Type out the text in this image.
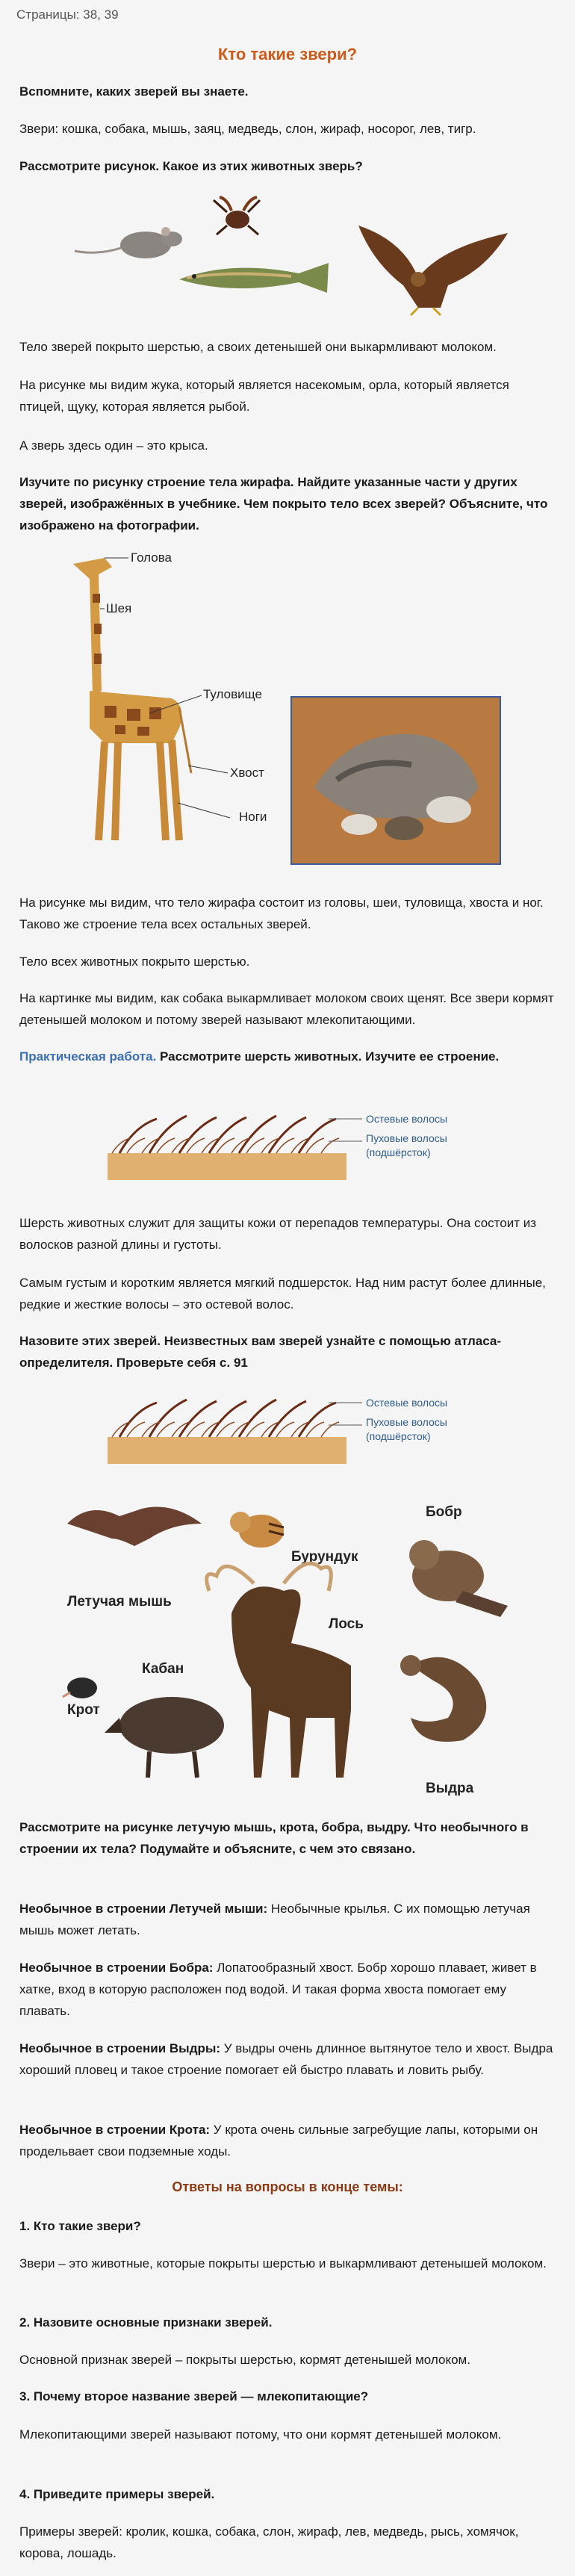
Страницы: 38, 39
Кто такие звери?
Вспомните, каких зверей вы знаете.
Звери: кошка, собака, мышь, заяц, медведь, слон, жираф, носорог, лев, тигр.
Рассмотрите рисунок. Какое из этих животных зверь?
Тело зверей покрыто шерстью, а своих детенышей они выкармливают молоком.
На рисунке мы видим жука, который является насекомым, орла, который является птицей, щуку, которая является рыбой.
А зверь здесь один – это крыса.
Изучите по рисунку строение тела жирафа. Найдите указанные части у других зверей, изображённых в учебнике. Чем покрыто тело всех зверей? Объясните, что изображено на фотографии.
Голова
Шея
Туловище
Хвост
Ноги
На рисунке мы видим, что тело жирафа состоит из головы, шеи, туловища, хвоста и ног. Таково же строение тела всех остальных зверей.
Тело всех животных покрыто шерстью.
На картинке мы видим, как собака выкармливает молоком своих щенят. Все звери кормят детенышей молоком и потому зверей называют млекопитающими.
Практическая работа. Рассмотрите шерсть животных. Изучите ее строение.
Остевые волосы
Пуховые волосы
(подшёрсток)
Шерсть животных служит для защиты кожи от перепадов температуры. Она состоит из волосков разной длины и густоты.
Самым густым и коротким является мягкий подшерсток. Над ним растут более длинные, редкие и жесткие волосы – это остевой волос.
Назовите этих зверей. Неизвестных вам зверей узнайте с помощью атласа-определителя. Проверьте себя с. 91
Остевые волосы
Пуховые волосы
(подшёрсток)
Летучая мышь
Бурундук
Бобр
Лось
Кабан
Крот
Выдра
Рассмотрите на рисунке летучую мышь, крота, бобра, выдру. Что необычного в строении их тела? Подумайте и объясните, с чем это связано.
Необычное в строении Летучей мыши: Необычные крылья. С их помощью летучая мышь может летать.
Необычное в строении Бобра: Лопатообразный хвост. Бобр хорошо плавает, живет в хатке, вход в которую расположен под водой. И такая форма хвоста помогает ему плавать.
Необычное в строении Выдры: У выдры очень длинное вытянутое тело и хвост. Выдра хороший пловец и такое строение помогает ей быстро плавать и ловить рыбу.
Необычное в строении Крота: У крота очень сильные загребущие лапы, которыми он продельвает свои подземные ходы.
Ответы на вопросы в конце темы:
1. Кто такие звери?
Звери – это животные, которые покрыты шерстью и выкармливают детенышей молоком.
2. Назовите основные признаки зверей.
Основной признак зверей – покрыты шерстью, кормят детенышей молоком.
3. Почему второе название зверей — млекопитающие?
Млекопитающими зверей называют потому, что они кормят детенышей молоком.
4. Приведите примеры зверей.
Примеры зверей: кролик, кошка, собака, слон, жираф, лев, медведь, рысь, хомячок, корова, лошадь.
